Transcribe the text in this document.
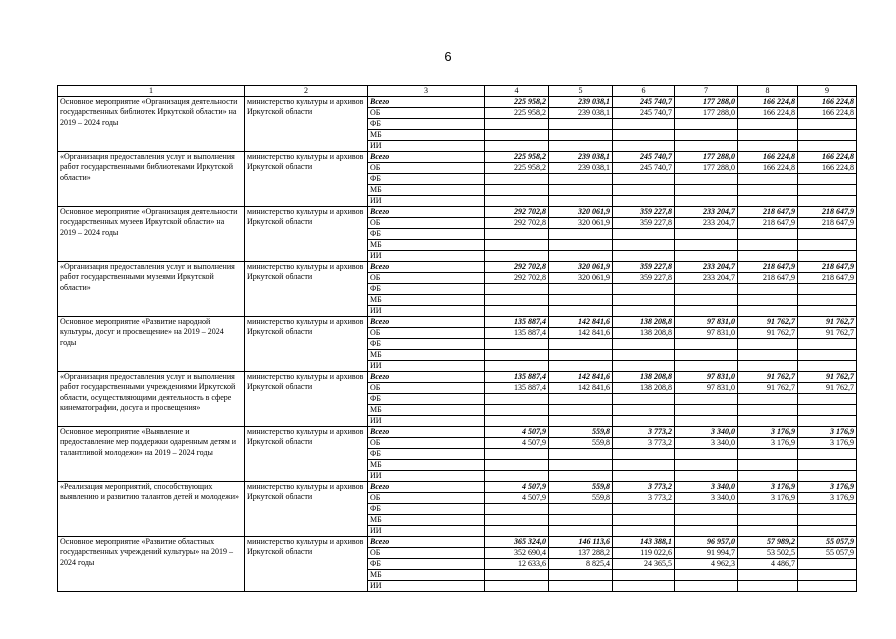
6
1	2	3	4	5	6	7	8	9
Основное мероприятие «Организация деятельности государственных библиотек Иркутской области» на 2019 – 2024 годы	министерство культуры и архивов Иркутской области	Всего	225 958,2	239 038,1	245 740,7	177 288,0	166 224,8	166 224,8
		ОБ	225 958,2	239 038,1	245 740,7	177 288,0	166 224,8	166 224,8
		ФБ						
		МБ						
		ИИ						
«Организация предоставления услуг и выполнения работ государственными библиотеками Иркутской области»	министерство культуры и архивов Иркутской области	Всего	225 958,2	239 038,1	245 740,7	177 288,0	166 224,8	166 224,8
		ОБ	225 958,2	239 038,1	245 740,7	177 288,0	166 224,8	166 224,8
		ФБ						
		МБ						
		ИИ						
Основное мероприятие «Организация деятельности государственных музеев Иркутской области» на 2019 – 2024 годы	министерство культуры и архивов Иркутской области	Всего	292 702,8	320 061,9	359 227,8	233 204,7	218 647,9	218 647,9
		ОБ	292 702,8	320 061,9	359 227,8	233 204,7	218 647,9	218 647,9
		ФБ						
		МБ						
		ИИ						
«Организация предоставления услуг и выполнения работ государственными музеями Иркутской области»	министерство культуры и архивов Иркутской области	Всего	292 702,8	320 061,9	359 227,8	233 204,7	218 647,9	218 647,9
		ОБ	292 702,8	320 061,9	359 227,8	233 204,7	218 647,9	218 647,9
		ФБ						
		МБ						
		ИИ						
Основное мероприятие «Развитие народной культуры, досуг и просвещение» на 2019 – 2024 годы	министерство культуры и архивов Иркутской области	Всего	135 887,4	142 841,6	138 208,8	97 831,0	91 762,7	91 762,7
		ОБ	135 887,4	142 841,6	138 208,8	97 831,0	91 762,7	91 762,7
		ФБ						
		МБ						
		ИИ						
«Организация предоставления услуг и выполнения работ государственными учреждениями Иркутской области, осуществляющими деятельность в сфере кинематографии, досуга и просвещения»	министерство культуры и архивов Иркутской области	Всего	135 887,4	142 841,6	138 208,8	97 831,0	91 762,7	91 762,7
		ОБ	135 887,4	142 841,6	138 208,8	97 831,0	91 762,7	91 762,7
		ФБ						
		МБ						
		ИИ						
Основное мероприятие «Выявление и предоставление мер поддержки одаренным детям и талантливой молодежи» на 2019 – 2024 годы	министерство культуры и архивов Иркутской области	Всего	4 507,9	559,8	3 773,2	3 340,0	3 176,9	3 176,9
		ОБ	4 507,9	559,8	3 773,2	3 340,0	3 176,9	3 176,9
		ФБ						
		МБ						
		ИИ						
«Реализация мероприятий, способствующих выявлению и развитию талантов детей и молодежи»	министерство культуры и архивов Иркутской области	Всего	4 507,9	559,8	3 773,2	3 340,0	3 176,9	3 176,9
		ОБ	4 507,9	559,8	3 773,2	3 340,0	3 176,9	3 176,9
		ФБ						
		МБ						
		ИИ						
Основное мероприятие «Развитие областных государственных учреждений культуры» на 2019 – 2024 годы	министерство культуры и архивов Иркутской области	Всего	365 324,0	146 113,6	143 388,1	96 957,0	57 989,2	55 057,9
		ОБ	352 690,4	137 288,2	119 022,6	91 994,7	53 502,5	55 057,9
		ФБ	12 633,6	8 825,4	24 365,5	4 962,3	4 486,7	
		МБ						
		ИИ						
